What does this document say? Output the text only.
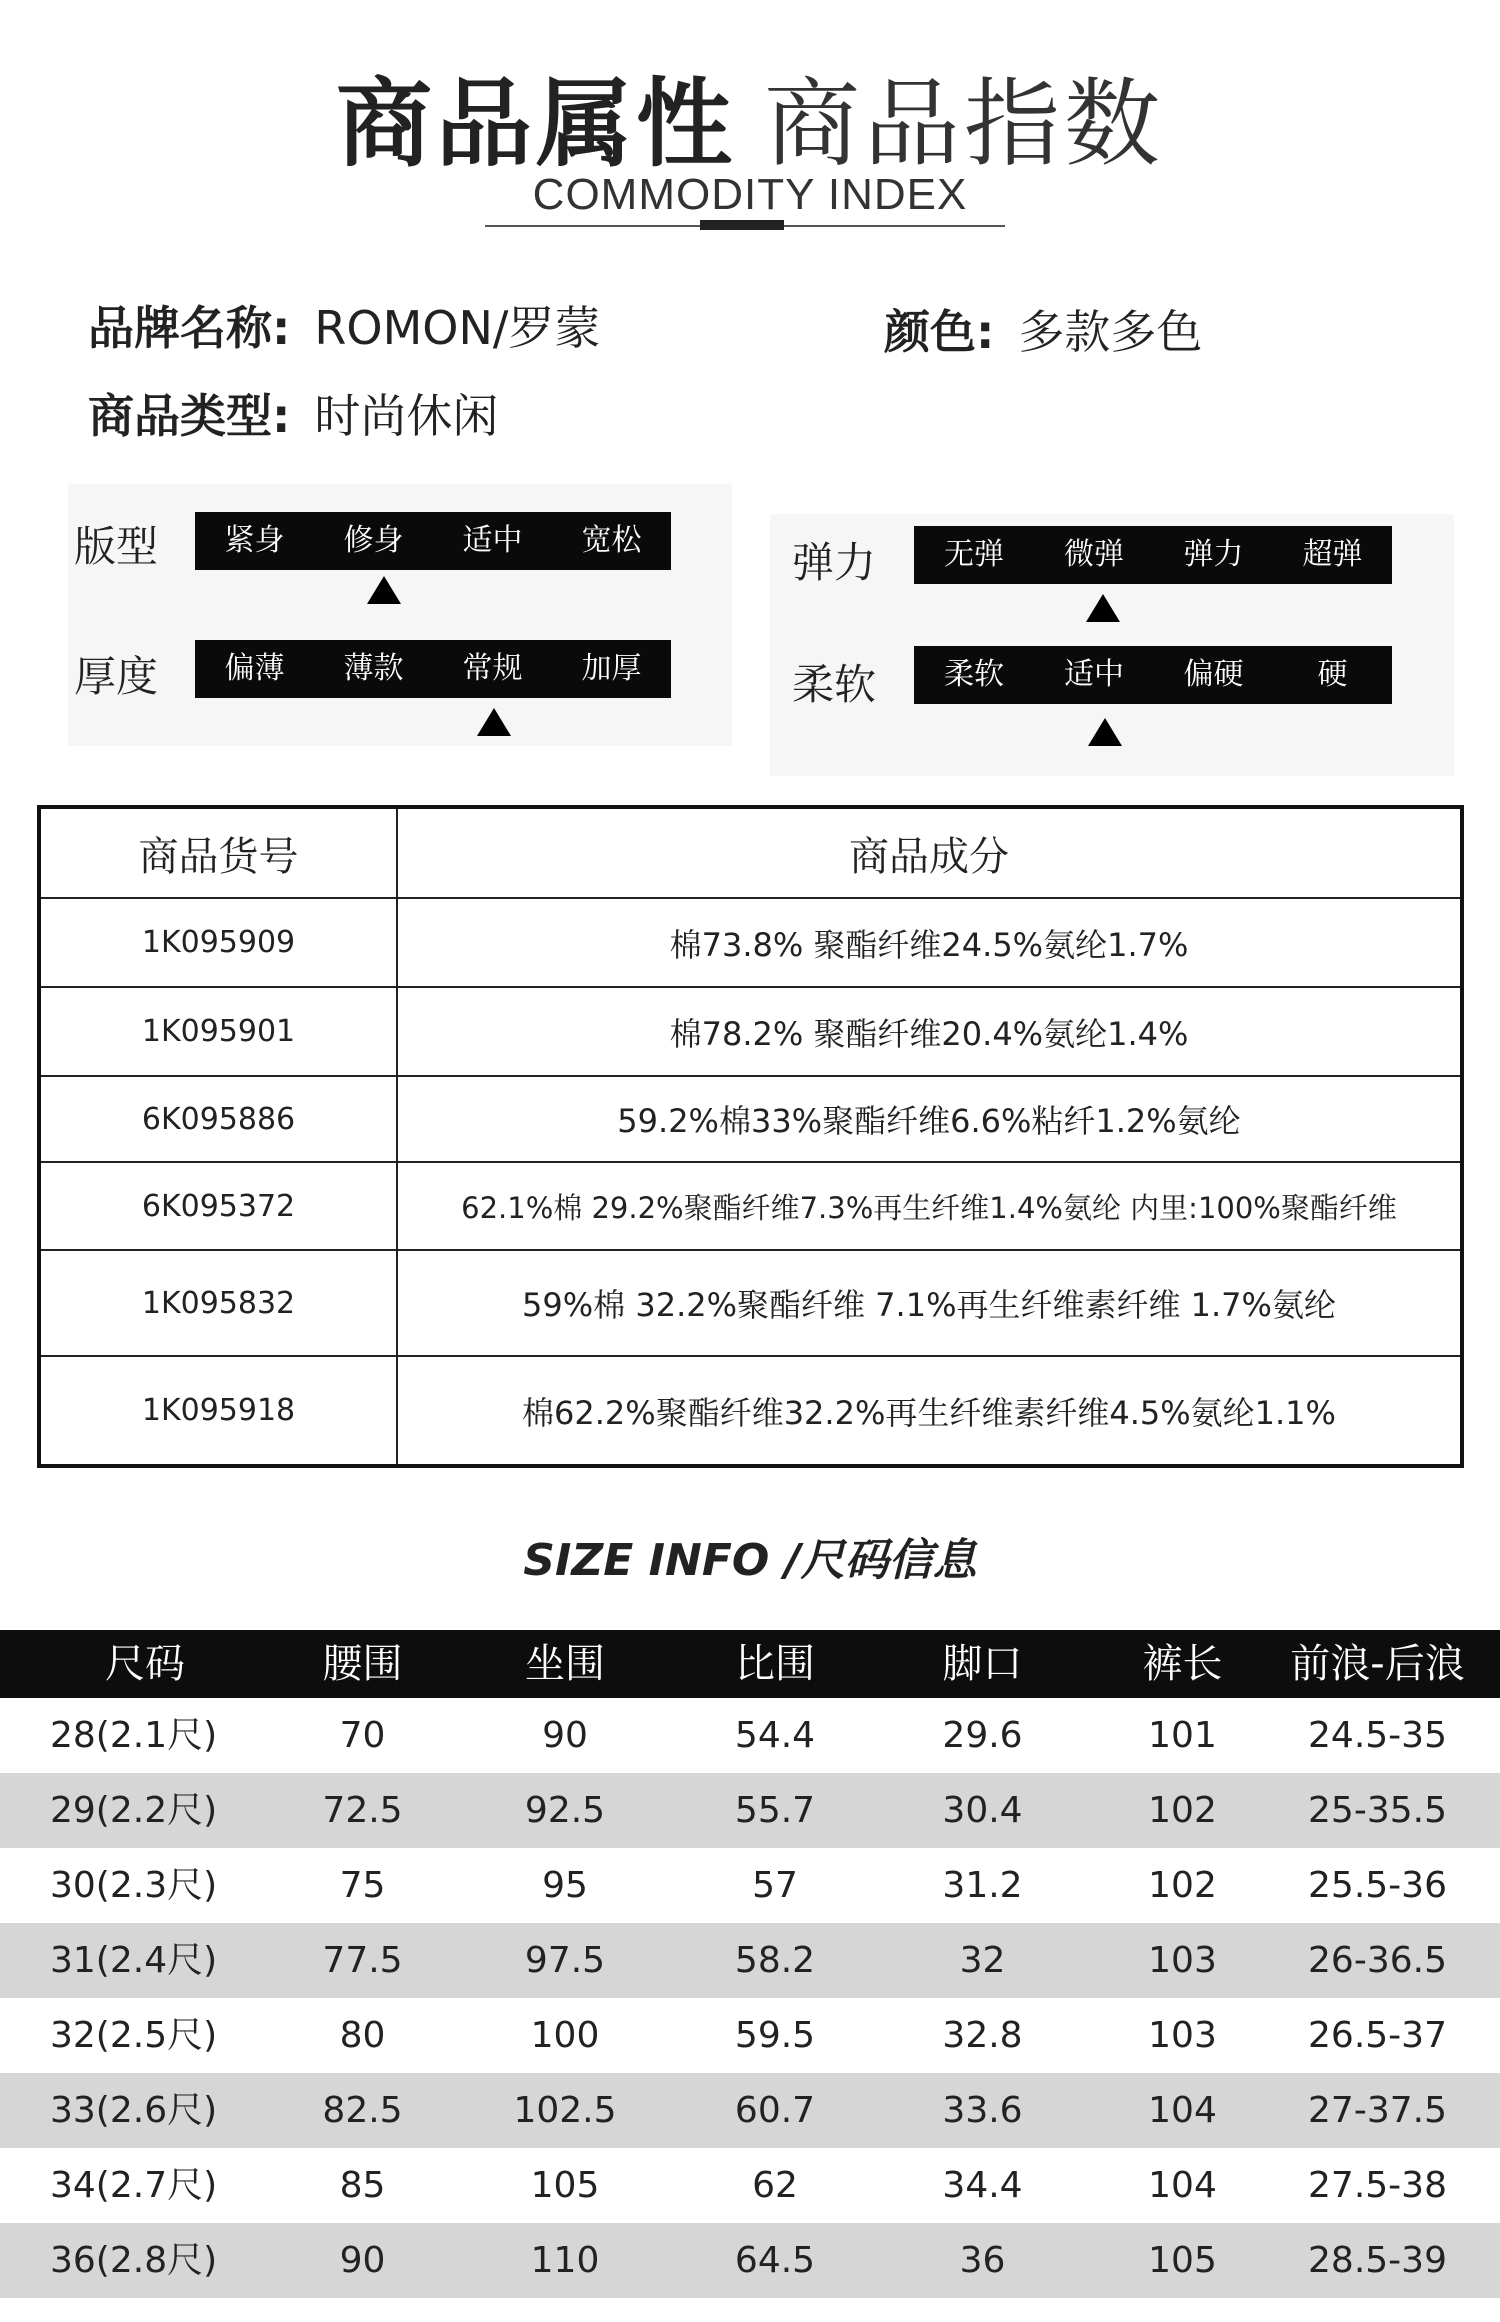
商品属性 商品指数
COMMODITY INDEX
品牌名称: ROMON/罗蒙	颜色: 多款多色
商品类型: 时尚休闲
版型	紧身	修身	适中	宽松
厚度	偏薄	薄款	常规	加厚
弹力	无弹	微弹	弹力	超弹
柔软	柔软	适中	偏硬	硬
商品货号	商品成分
1K095909	棉73.8% 聚酯纤维24.5%氨纶1.7%
1K095901	棉78.2% 聚酯纤维20.4%氨纶1.4%
6K095886	59.2%棉33%聚酯纤维6.6%粘纤1.2%氨纶
6K095372	62.1%棉 29.2%聚酯纤维7.3%再生纤维1.4%氨纶 内里:100%聚酯纤维
1K095832	59%棉 32.2%聚酯纤维 7.1%再生纤维素纤维 1.7%氨纶
1K095918	棉62.2%聚酯纤维32.2%再生纤维素纤维4.5%氨纶1.1%
SIZE INFO /尺码信息
尺码	腰围	坐围	比围	脚口	裤长	前浪-后浪
28(2.1尺)	70	90	54.4	29.6	101	24.5-35
29(2.2尺)	72.5	92.5	55.7	30.4	102	25-35.5
30(2.3尺)	75	95	57	31.2	102	25.5-36
31(2.4尺)	77.5	97.5	58.2	32	103	26-36.5
32(2.5尺)	80	100	59.5	32.8	103	26.5-37
33(2.6尺)	82.5	102.5	60.7	33.6	104	27-37.5
34(2.7尺)	85	105	62	34.4	104	27.5-38
36(2.8尺)	90	110	64.5	36	105	28.5-39
